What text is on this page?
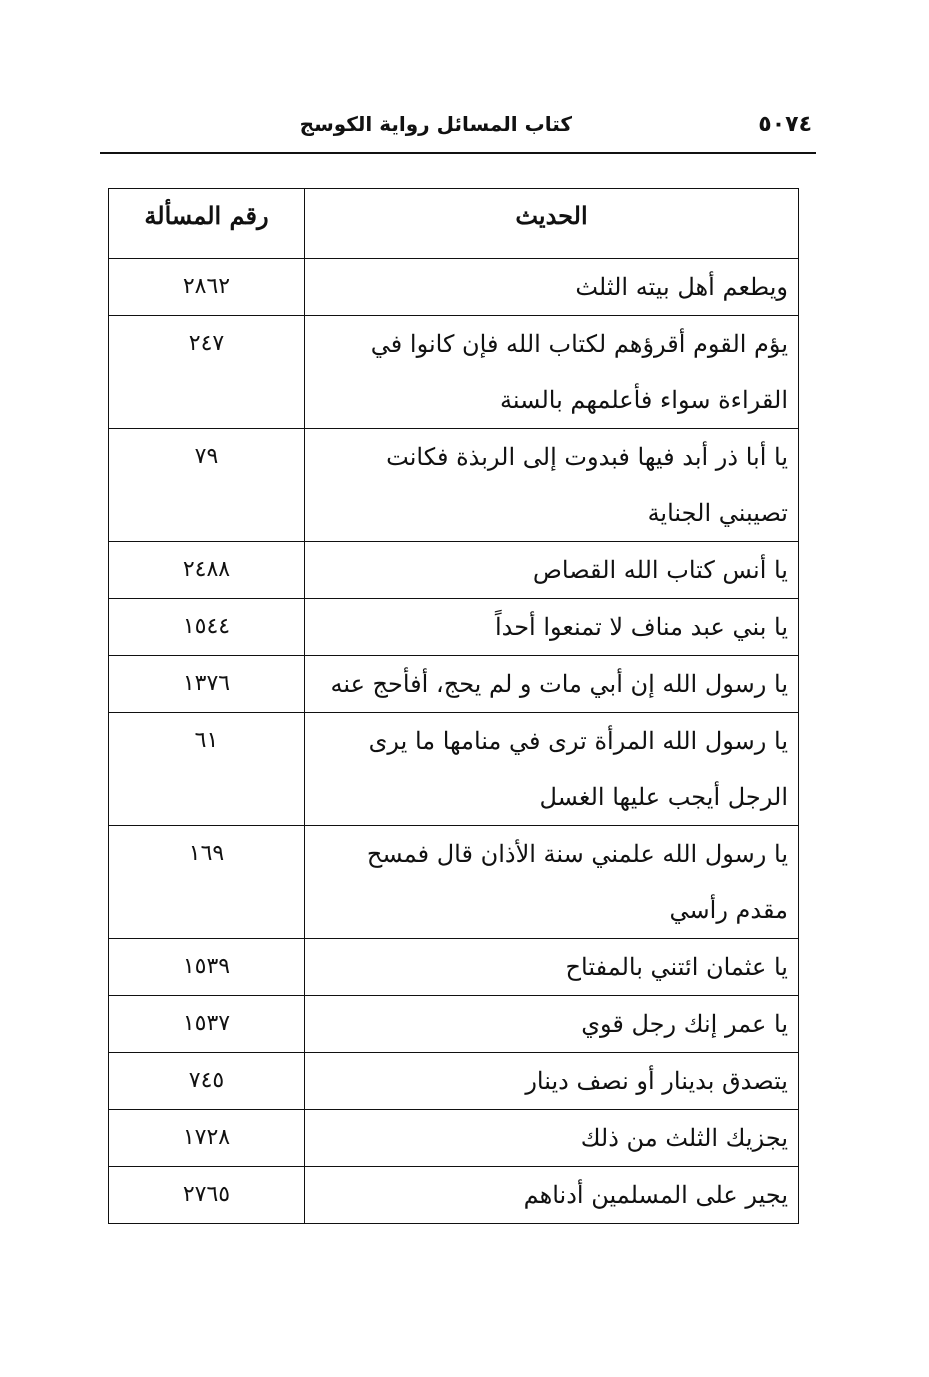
٥٠٧٤
كتاب المسائل رواية الكوسج
الحديث	رقم المسألة
ويطعم أهل بيته الثلث	٢٨٦٢
يؤم القوم أقرؤهم لكتاب الله فإن كانوا في القراءة سواء فأعلمهم بالسنة	٢٤٧
يا أبا ذر أبد فيها فبدوت إلى الربذة فكانت تصيبني الجناية	٧٩
يا أنس كتاب الله القصاص	٢٤٨٨
يا بني عبد مناف لا تمنعوا أحداً	١٥٤٤
يا رسول الله إن أبي مات و لم يحج، أفأحج عنه	١٣٧٦
يا رسول الله المرأة ترى في منامها ما يرى الرجل أيجب عليها الغسل	٦١
يا رسول الله علمني سنة الأذان قال فمسح مقدم رأسي	١٦٩
يا عثمان ائتني بالمفتاح	١٥٣٩
يا عمر إنك رجل قوي	١٥٣٧
يتصدق بدينار أو نصف دينار	٧٤٥
يجزيك الثلث من ذلك	١٧٢٨
يجير على المسلمين أدناهم	٢٧٦٥
